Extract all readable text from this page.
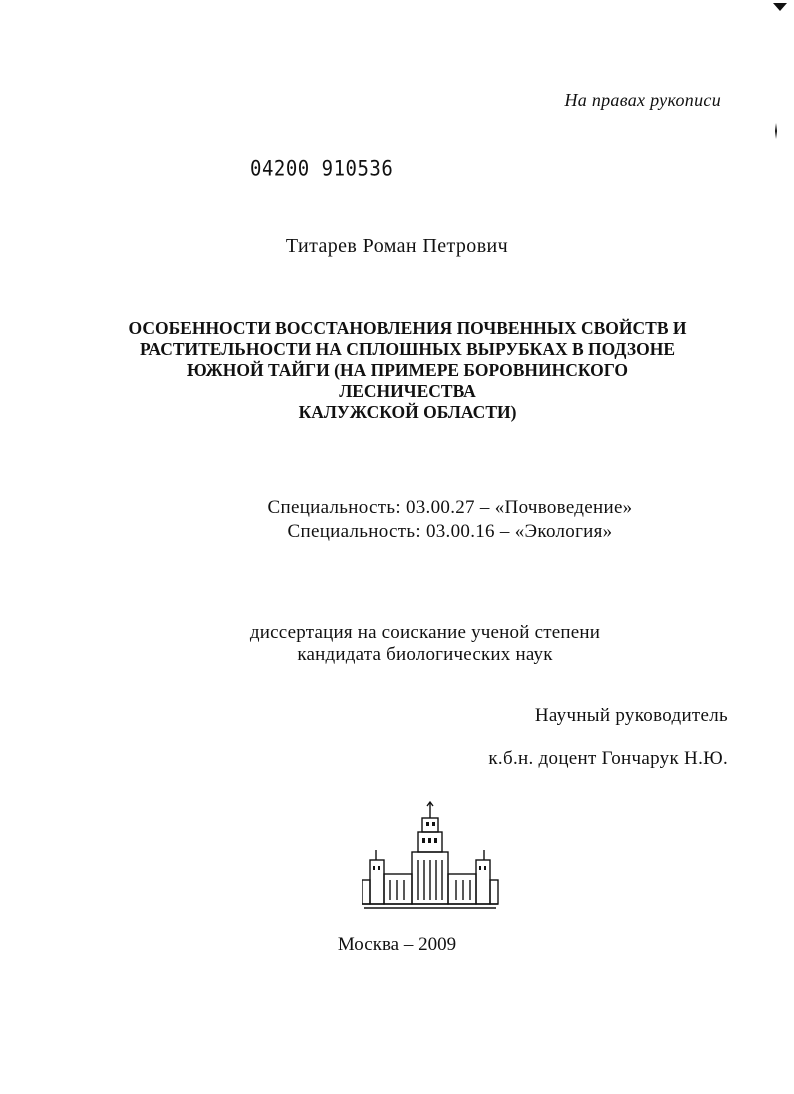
На правах рукописи
04200 910536
Титарев Роман Петрович
ОСОБЕННОСТИ ВОССТАНОВЛЕНИЯ ПОЧВЕННЫХ СВОЙСТВ И
РАСТИТЕЛЬНОСТИ НА СПЛОШНЫХ ВЫРУБКАХ В ПОДЗОНЕ
ЮЖНОЙ ТАЙГИ (НА ПРИМЕРЕ БОРОВНИНСКОГО ЛЕСНИЧЕСТВА
КАЛУЖСКОЙ ОБЛАСТИ)
Специальность: 03.00.27 – «Почвоведение»
Специальность: 03.00.16 – «Экология»
диссертация на соискание ученой степени
кандидата биологических наук
Научный руководитель
к.б.н. доцент Гончарук Н.Ю.
Москва – 2009
